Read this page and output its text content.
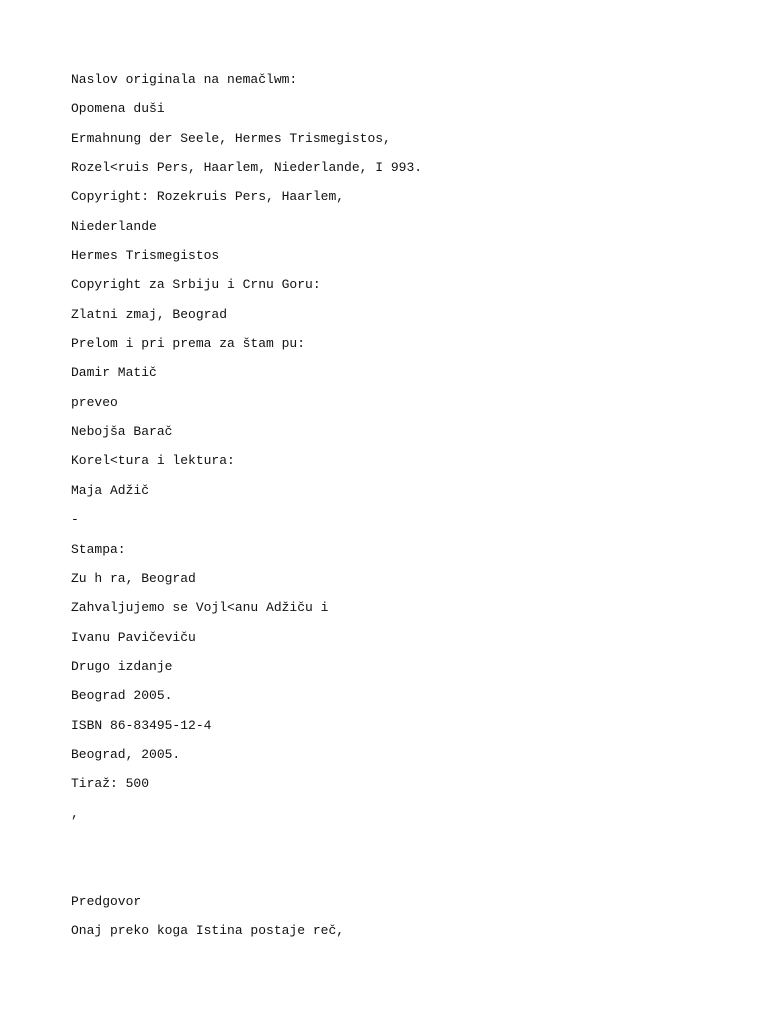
Naslov originala na nemačlwm:
Opomena duši
Ermahnung der Seele, Hermes Trismegistos,
Rozel<ruis Pers, Haarlem, Niederlande, I 993.
Copyright: Rozekruis Pers, Haarlem,
Niederlande
Hermes Trismegistos
Copyright za Srbiju i Crnu Goru:
Zlatni zmaj, Beograd
Prelom i pri prema za štam pu:
Damir Matič
preveo
Nebojša Barač
Korel<tura i lektura:
Maja Adžič
-
Stampa:
Zu h ra, Beograd
Zahvaljujemo se Vojl<anu Adžiču i
Ivanu Pavičeviču
Drugo izdanje
Beograd 2005.
ISBN 86-83495-12-4
Beograd, 2005.
Tiraž: 500
,
Predgovor
Onaj preko koga Istina postaje reč,
